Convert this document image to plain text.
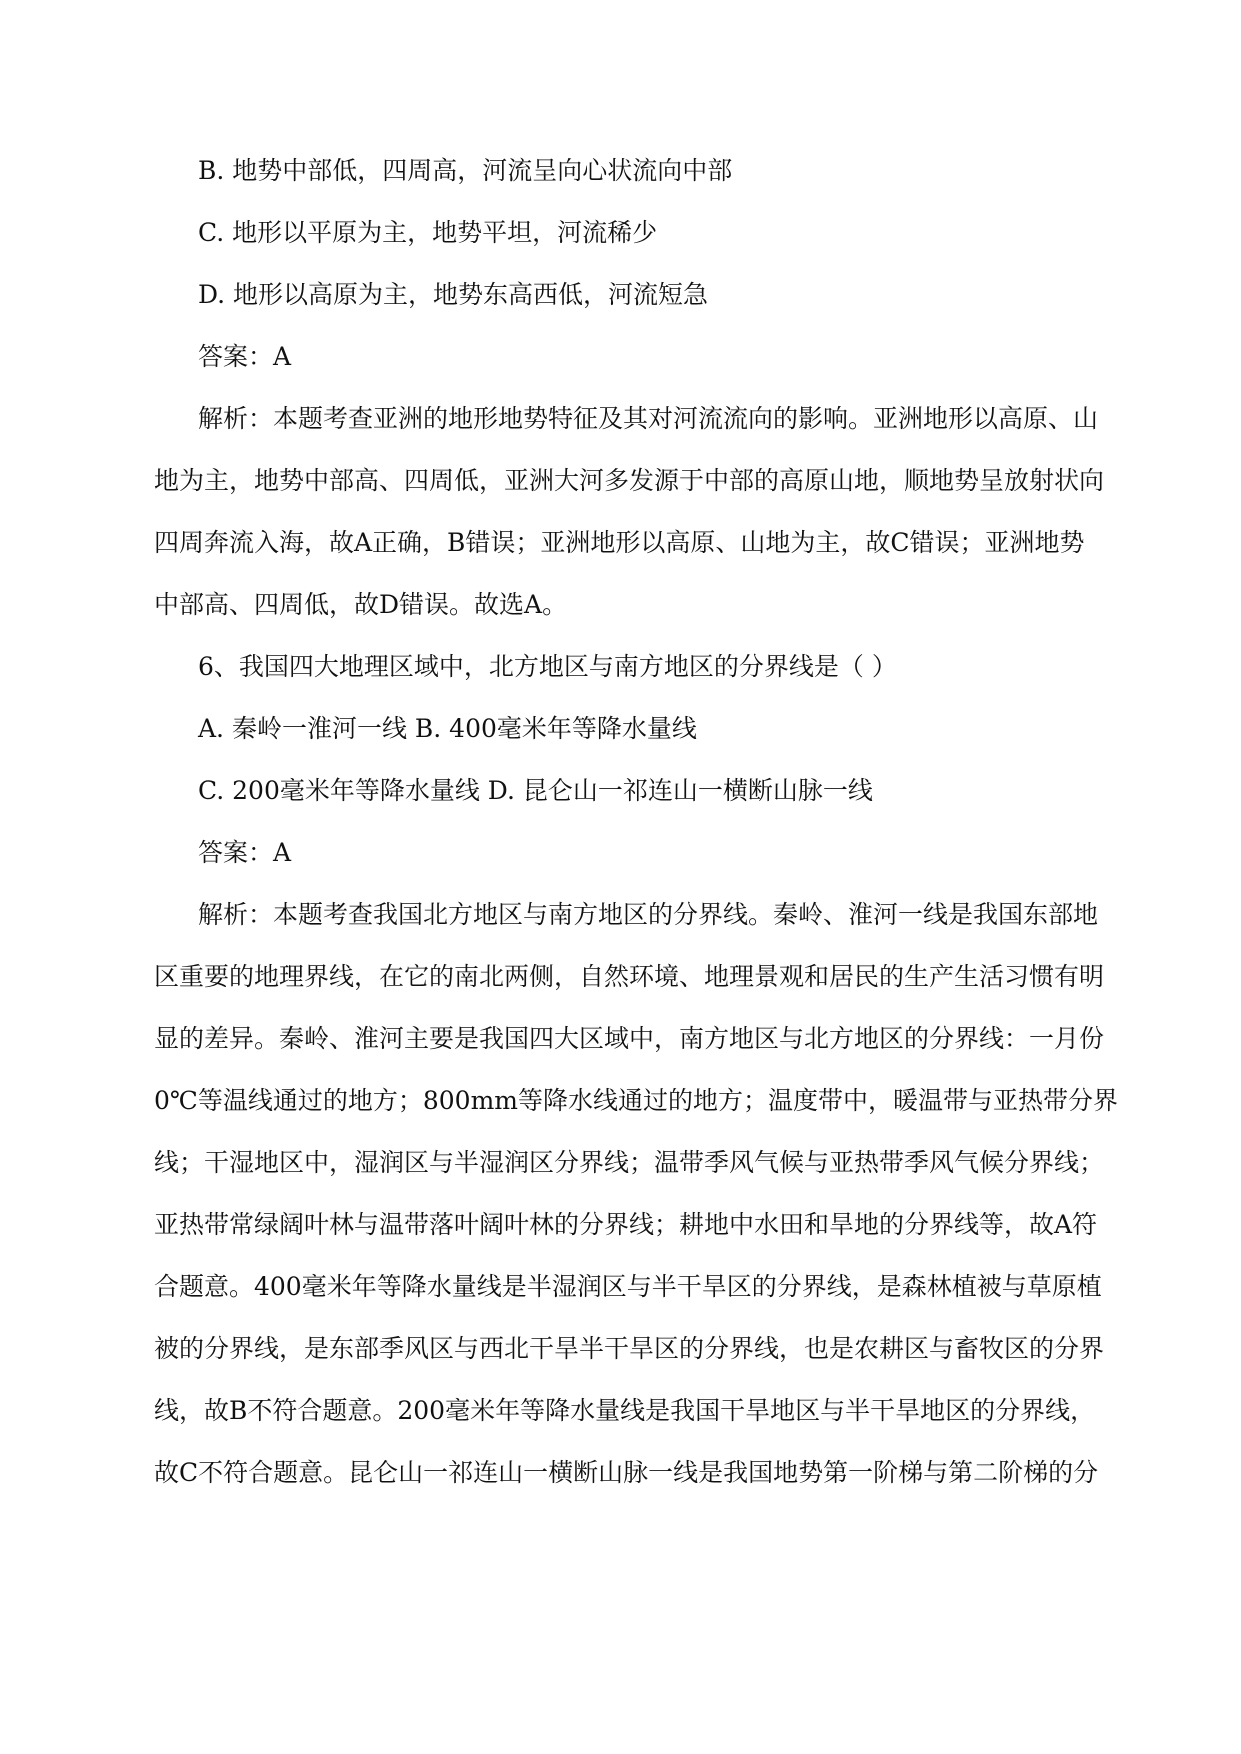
B. 地势中部低，四周高，河流呈向心状流向中部
C. 地形以平原为主，地势平坦，河流稀少
D. 地形以高原为主，地势东高西低，河流短急
答案：A
解析：本题考查亚洲的地形地势特征及其对河流流向的影响。亚洲地形以高原、山
地为主，地势中部高、四周低，亚洲大河多发源于中部的高原山地，顺地势呈放射状向
四周奔流入海，故A正确，B错误；亚洲地形以高原、山地为主，故C错误；亚洲地势
中部高、四周低，故D错误。故选A。
6、我国四大地理区域中，北方地区与南方地区的分界线是（ ）
A. 秦岭一淮河一线 B. 400毫米年等降水量线
C. 200毫米年等降水量线 D. 昆仑山一祁连山一横断山脉一线
答案：A
解析：本题考查我国北方地区与南方地区的分界线。秦岭、淮河一线是我国东部地
区重要的地理界线，在它的南北两侧，自然环境、地理景观和居民的生产生活习惯有明
显的差异。秦岭、淮河主要是我国四大区域中，南方地区与北方地区的分界线：一月份
0℃等温线通过的地方；800mm等降水线通过的地方；温度带中，暖温带与亚热带分界
线；干湿地区中，湿润区与半湿润区分界线；温带季风气候与亚热带季风气候分界线；
亚热带常绿阔叶林与温带落叶阔叶林的分界线；耕地中水田和旱地的分界线等，故A符
合题意。400毫米年等降水量线是半湿润区与半干旱区的分界线，是森林植被与草原植
被的分界线，是东部季风区与西北干旱半干旱区的分界线，也是农耕区与畜牧区的分界
线，故B不符合题意。200毫米年等降水量线是我国干旱地区与半干旱地区的分界线，
故C不符合题意。昆仑山一祁连山一横断山脉一线是我国地势第一阶梯与第二阶梯的分
